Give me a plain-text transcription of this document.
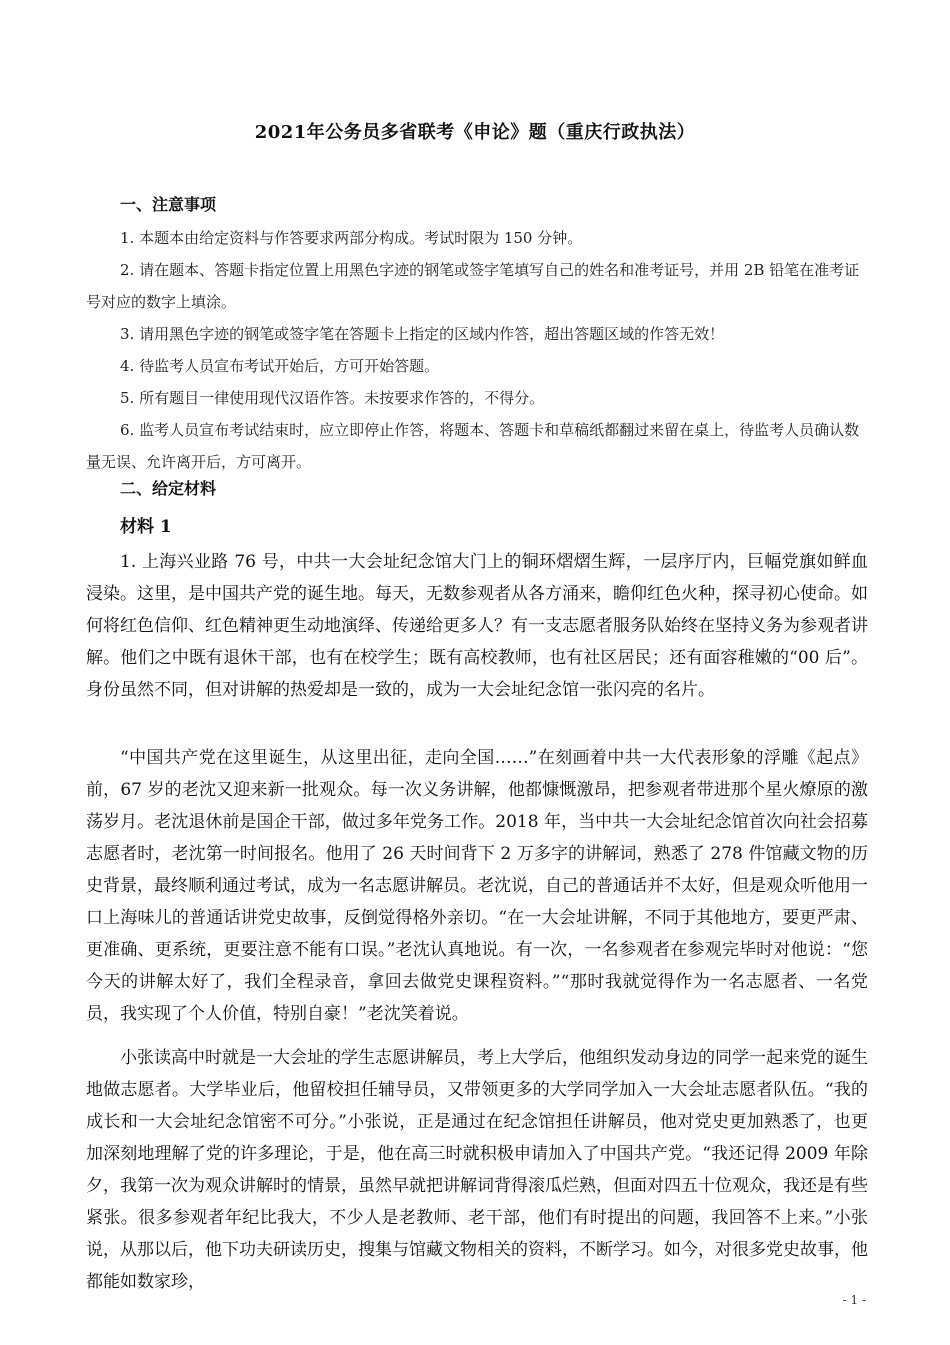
2021年公务员多省联考《申论》题（重庆行政执法）
一、注意事项
1. 本题本由给定资料与作答要求两部分构成。考试时限为 150 分钟。
2. 请在题本、答题卡指定位置上用黑色字迹的钢笔或签字笔填写自己的姓名和准考证号，并用 2B 铅笔在准考证号对应的数字上填涂。
3. 请用黑色字迹的钢笔或签字笔在答题卡上指定的区域内作答，超出答题区域的作答无效！
4. 待监考人员宣布考试开始后，方可开始答题。
5. 所有题目一律使用现代汉语作答。未按要求作答的，不得分。
6. 监考人员宣布考试结束时，应立即停止作答，将题本、答题卡和草稿纸都翻过来留在桌上，待监考人员确认数量无误、允许离开后，方可离开。
二、给定材料
材料 1
1. 上海兴业路 76 号，中共一大会址纪念馆大门上的铜环熠熠生辉，一层序厅内，巨幅党旗如鲜血浸染。这里，是中国共产党的诞生地。每天，无数参观者从各方涌来，瞻仰红色火种，探寻初心使命。如何将红色信仰、红色精神更生动地演绎、传递给更多人？有一支志愿者服务队始终在坚持义务为参观者讲解。他们之中既有退休干部，也有在校学生；既有高校教师，也有社区居民；还有面容稚嫩的“00 后”。身份虽然不同，但对讲解的热爱却是一致的，成为一大会址纪念馆一张闪亮的名片。
“中国共产党在这里诞生，从这里出征，走向全国……”在刻画着中共一大代表形象的浮雕《起点》前，67 岁的老沈又迎来新一批观众。每一次义务讲解，他都慷慨激昂，把参观者带进那个星火燎原的激荡岁月。老沈退休前是国企干部，做过多年党务工作。2018 年，当中共一大会址纪念馆首次向社会招募志愿者时，老沈第一时间报名。他用了 26 天时间背下 2 万多字的讲解词，熟悉了 278 件馆藏文物的历史背景，最终顺利通过考试，成为一名志愿讲解员。老沈说，自己的普通话并不太好，但是观众听他用一口上海味儿的普通话讲党史故事，反倒觉得格外亲切。“在一大会址讲解，不同于其他地方，要更严肃、更准确、更系统，更要注意不能有口误。”老沈认真地说。有一次，一名参观者在参观完毕时对他说：“您今天的讲解太好了，我们全程录音，拿回去做党史课程资料。”“那时我就觉得作为一名志愿者、一名党员，我实现了个人价值，特别自豪！”老沈笑着说。
小张读高中时就是一大会址的学生志愿讲解员，考上大学后，他组织发动身边的同学一起来党的诞生地做志愿者。大学毕业后，他留校担任辅导员，又带领更多的大学同学加入一大会址志愿者队伍。“我的成长和一大会址纪念馆密不可分。”小张说，正是通过在纪念馆担任讲解员，他对党史更加熟悉了，也更加深刻地理解了党的许多理论，于是，他在高三时就积极申请加入了中国共产党。“我还记得 2009 年除夕，我第一次为观众讲解时的情景，虽然早就把讲解词背得滚瓜烂熟，但面对四五十位观众，我还是有些紧张。很多参观者年纪比我大，不少人是老教师、老干部，他们有时提出的问题，我回答不上来。”小张说，从那以后，他下功夫研读历史，搜集与馆藏文物相关的资料，不断学习。如今，对很多党史故事，他都能如数家珍，
- 1 -
